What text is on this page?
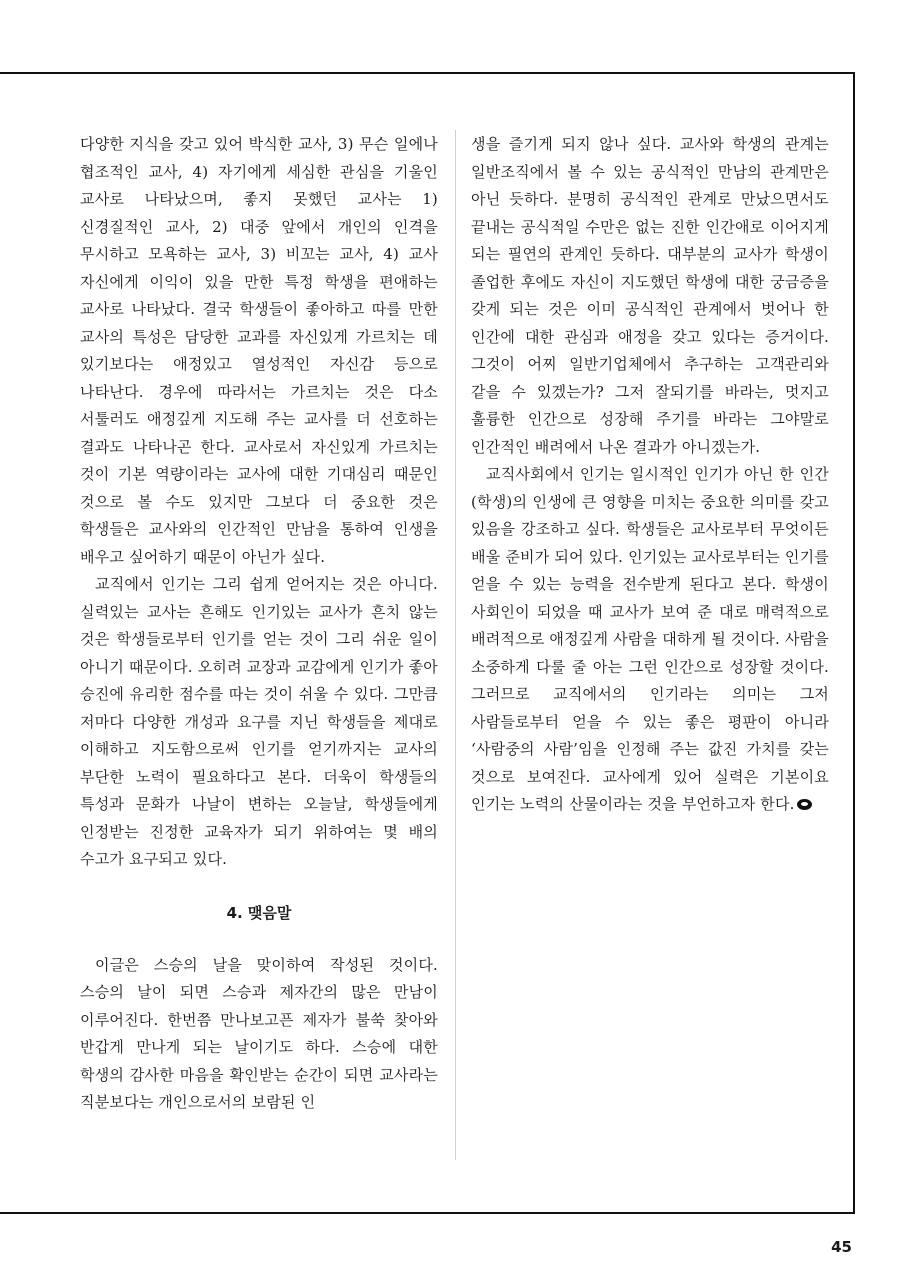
다양한 지식을 갖고 있어 박식한 교사, 3) 무슨 일에나 협조적인 교사, 4) 자기에게 세심한 관심을 기울인 교사로 나타났으며, 좋지 못했던 교사는 1) 신경질적인 교사, 2) 대중 앞에서 개인의 인격을 무시하고 모욕하는 교사, 3) 비꼬는 교사, 4) 교사 자신에게 이익이 있을 만한 특정 학생을 편애하는 교사로 나타났다. 결국 학생들이 좋아하고 따를 만한 교사의 특성은 담당한 교과를 자신있게 가르치는 데 있기보다는 애정있고 열성적인 자신감 등으로 나타난다. 경우에 따라서는 가르치는 것은 다소 서툴러도 애정깊게 지도해 주는 교사를 더 선호하는 결과도 나타나곤 한다. 교사로서 자신있게 가르치는 것이 기본 역량이라는 교사에 대한 기대심리 때문인 것으로 볼 수도 있지만 그보다 더 중요한 것은 학생들은 교사와의 인간적인 만남을 통하여 인생을 배우고 싶어하기 때문이 아닌가 싶다.

교직에서 인기는 그리 쉽게 얻어지는 것은 아니다. 실력있는 교사는 흔해도 인기있는 교사가 흔치 않는 것은 학생들로부터 인기를 얻는 것이 그리 쉬운 일이 아니기 때문이다. 오히려 교장과 교감에게 인기가 좋아 승진에 유리한 점수를 따는 것이 쉬울 수 있다. 그만큼 저마다 다양한 개성과 요구를 지닌 학생들을 제대로 이해하고 지도함으로써 인기를 얻기까지는 교사의 부단한 노력이 필요하다고 본다. 더욱이 학생들의 특성과 문화가 나날이 변하는 오늘날, 학생들에게 인정받는 진정한 교육자가 되기 위하여는 몇 배의 수고가 요구되고 있다.

4. 맺음말

이글은 스승의 날을 맞이하여 작성된 것이다. 스승의 날이 되면 스승과 제자간의 많은 만남이 이루어진다. 한번쯤 만나보고픈 제자가 불쑥 찾아와 반갑게 만나게 되는 날이기도 하다. 스승에 대한 학생의 감사한 마음을 확인받는 순간이 되면 교사라는 직분보다는 개인으로서의 보람된 인

생을 즐기게 되지 않나 싶다. 교사와 학생의 관계는 일반조직에서 볼 수 있는 공식적인 만남의 관계만은 아닌 듯하다. 분명히 공식적인 관계로 만났으면서도 끝내는 공식적일 수만은 없는 진한 인간애로 이어지게 되는 필연의 관계인 듯하다. 대부분의 교사가 학생이 졸업한 후에도 자신이 지도했던 학생에 대한 궁금증을 갖게 되는 것은 이미 공식적인 관계에서 벗어나 한 인간에 대한 관심과 애정을 갖고 있다는 증거이다. 그것이 어찌 일반기업체에서 추구하는 고객관리와 같을 수 있겠는가? 그저 잘되기를 바라는, 멋지고 훌륭한 인간으로 성장해 주기를 바라는 그야말로 인간적인 배려에서 나온 결과가 아니겠는가.

교직사회에서 인기는 일시적인 인기가 아닌 한 인간(학생)의 인생에 큰 영향을 미치는 중요한 의미를 갖고 있음을 강조하고 싶다. 학생들은 교사로부터 무엇이든 배울 준비가 되어 있다. 인기있는 교사로부터는 인기를 얻을 수 있는 능력을 전수받게 된다고 본다. 학생이 사회인이 되었을 때 교사가 보여 준 대로 매력적으로 배려적으로 애정깊게 사람을 대하게 될 것이다. 사람을 소중하게 다룰 줄 아는 그런 인간으로 성장할 것이다. 그러므로 교직에서의 인기라는 의미는 그저 사람들로부터 얻을 수 있는 좋은 평판이 아니라 ‘사람중의 사람’임을 인정해 주는 값진 가치를 갖는 것으로 보여진다. 교사에게 있어 실력은 기본이요 인기는 노력의 산물이라는 것을 부언하고자 한다.

45
